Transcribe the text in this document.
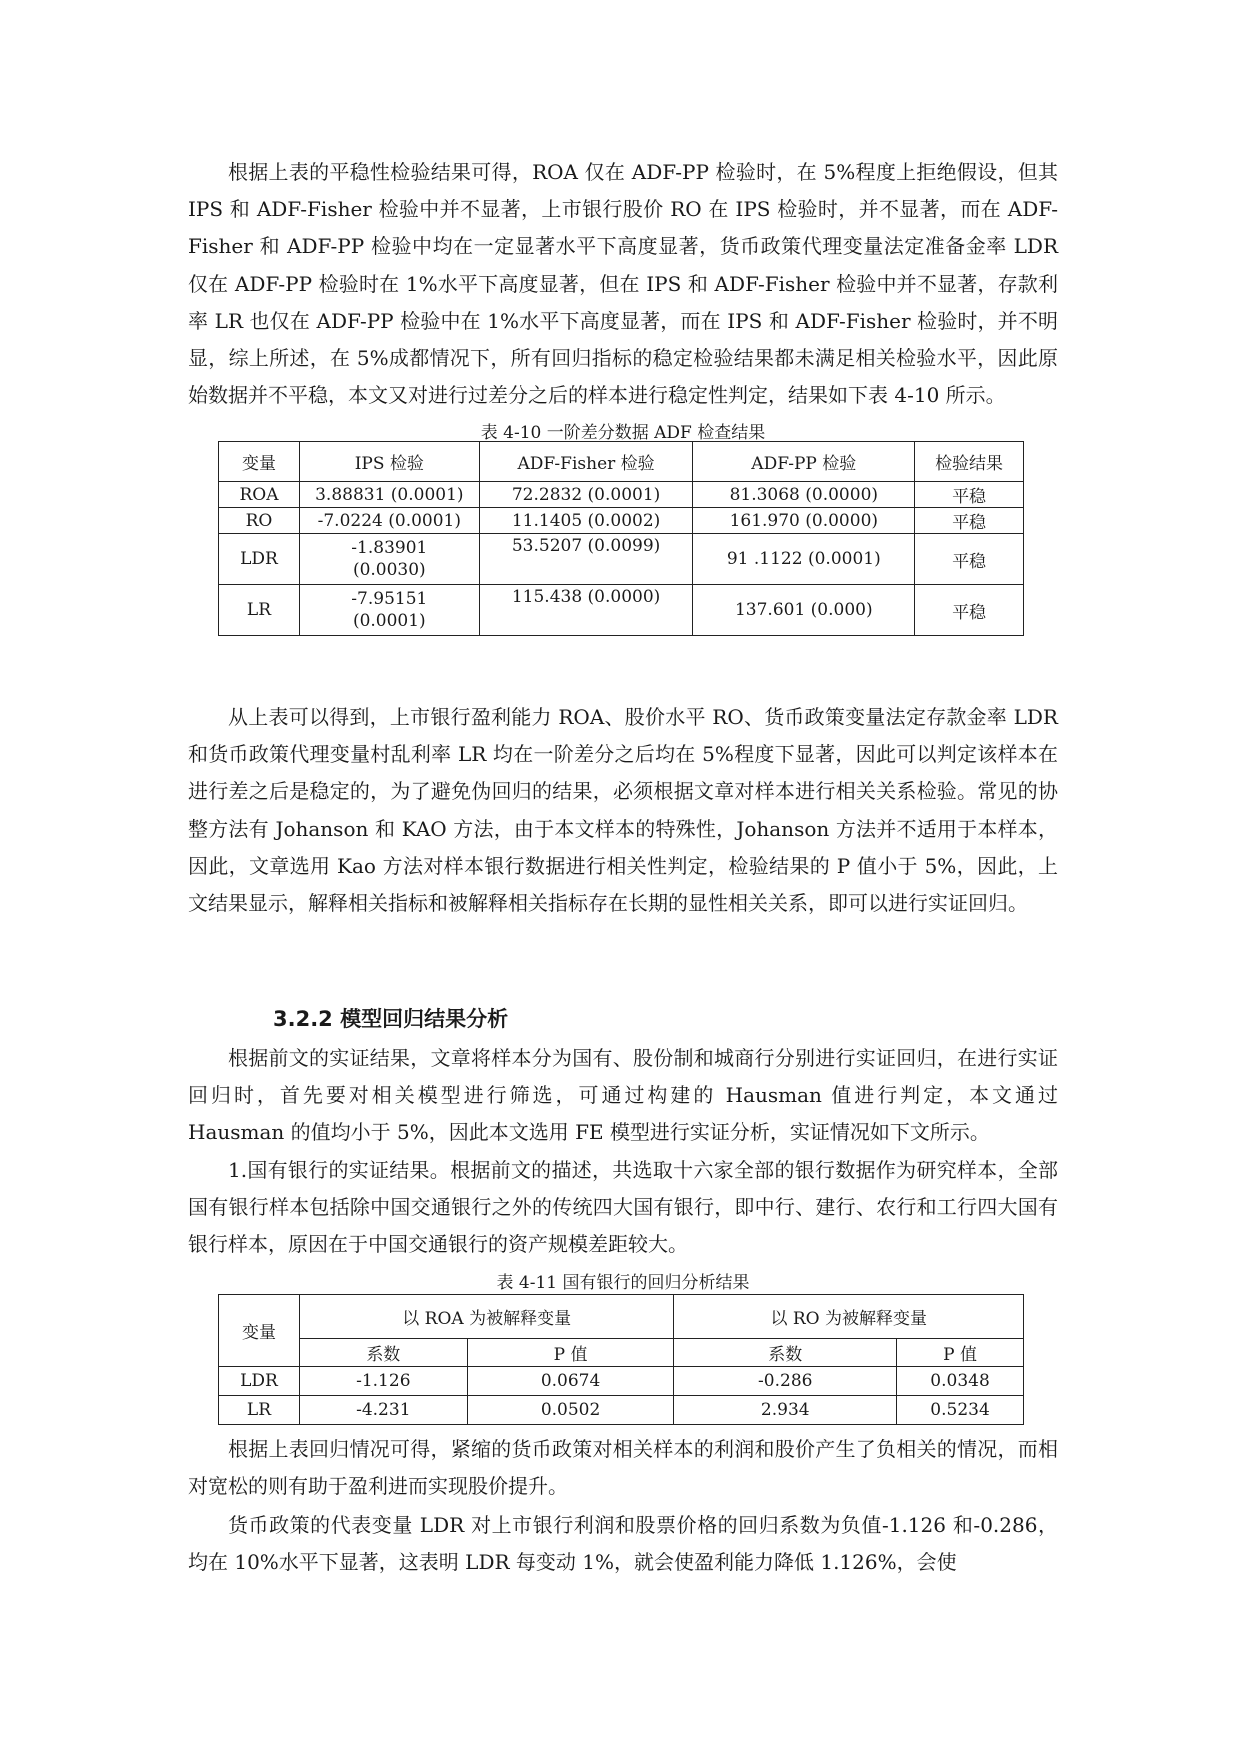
根据上表的平稳性检验结果可得，ROA 仅在 ADF-PP 检验时，在 5%程度上拒绝假设，但其 IPS 和 ADF-Fisher 检验中并不显著，上市银行股价 RO 在 IPS 检验时，并不显著，而在 ADF-Fisher 和 ADF-PP 检验中均在一定显著水平下高度显著，货币政策代理变量法定准备金率 LDR 仅在 ADF-PP 检验时在 1%水平下高度显著，但在 IPS 和 ADF-Fisher 检验中并不显著，存款利率 LR 也仅在 ADF-PP 检验中在 1%水平下高度显著，而在 IPS 和 ADF-Fisher 检验时，并不明显，综上所述，在 5%成都情况下，所有回归指标的稳定检验结果都未满足相关检验水平，因此原始数据并不平稳，本文又对进行过差分之后的样本进行稳定性判定，结果如下表 4-10 所示。

表 4-10 一阶差分数据 ADF 检查结果

变量	IPS 检验	ADF-Fisher 检验	ADF-PP 检验	检验结果
ROA	3.88831 (0.0001)	72.2832 (0.0001)	81.3068 (0.0000)	平稳
RO	-7.0224 (0.0001)	11.1405 (0.0002)	161.970 (0.0000)	平稳
LDR	-1.83901
(0.0030)	53.5207 (0.0099)	91 .1122 (0.0001)	平稳
LR	-7.95151
(0.0001)	115.438 (0.0000)	137.601 (0.000)	平稳

从上表可以得到，上市银行盈利能力 ROA、股价水平 RO、货币政策变量法定存款金率 LDR 和货币政策代理变量村乱利率 LR 均在一阶差分之后均在 5%程度下显著，因此可以判定该样本在进行差之后是稳定的，为了避免伪回归的结果，必须根据文章对样本进行相关关系检验。常见的协整方法有 Johanson 和 KAO 方法，由于本文样本的特殊性，Johanson 方法并不适用于本样本，因此，文章选用 Kao 方法对样本银行数据进行相关性判定，检验结果的 P 值小于 5%，因此，上文结果显示，解释相关指标和被解释相关指标存在长期的显性相关关系，即可以进行实证回归。

3.2.2 模型回归结果分析

根据前文的实证结果，文章将样本分为国有、股份制和城商行分别进行实证回归，在进行实证回归时，首先要对相关模型进行筛选，可通过构建的 Hausman 值进行判定，本文通过 Hausman 的值均小于 5%，因此本文选用 FE 模型进行实证分析，实证情况如下文所示。

1.国有银行的实证结果。根据前文的描述，共选取十六家全部的银行数据作为研究样本，全部国有银行样本包括除中国交通银行之外的传统四大国有银行，即中行、建行、农行和工行四大国有银行样本，原因在于中国交通银行的资产规模差距较大。

表 4-11 国有银行的回归分析结果

变量	以 ROA 为被解释变量		以 RO 为被解释变量	
	系数	P 值	系数	P 值
LDR	-1.126	0.0674	-0.286	0.0348
LR	-4.231	0.0502	2.934	0.5234

根据上表回归情况可得，紧缩的货币政策对相关样本的利润和股价产生了负相关的情况，而相对宽松的则有助于盈利进而实现股价提升。

货币政策的代表变量 LDR 对上市银行利润和股票价格的回归系数为负值-1.126 和-0.286，均在 10%水平下显著，这表明 LDR 每变动 1%，就会使盈利能力降低 1.126%，会使
